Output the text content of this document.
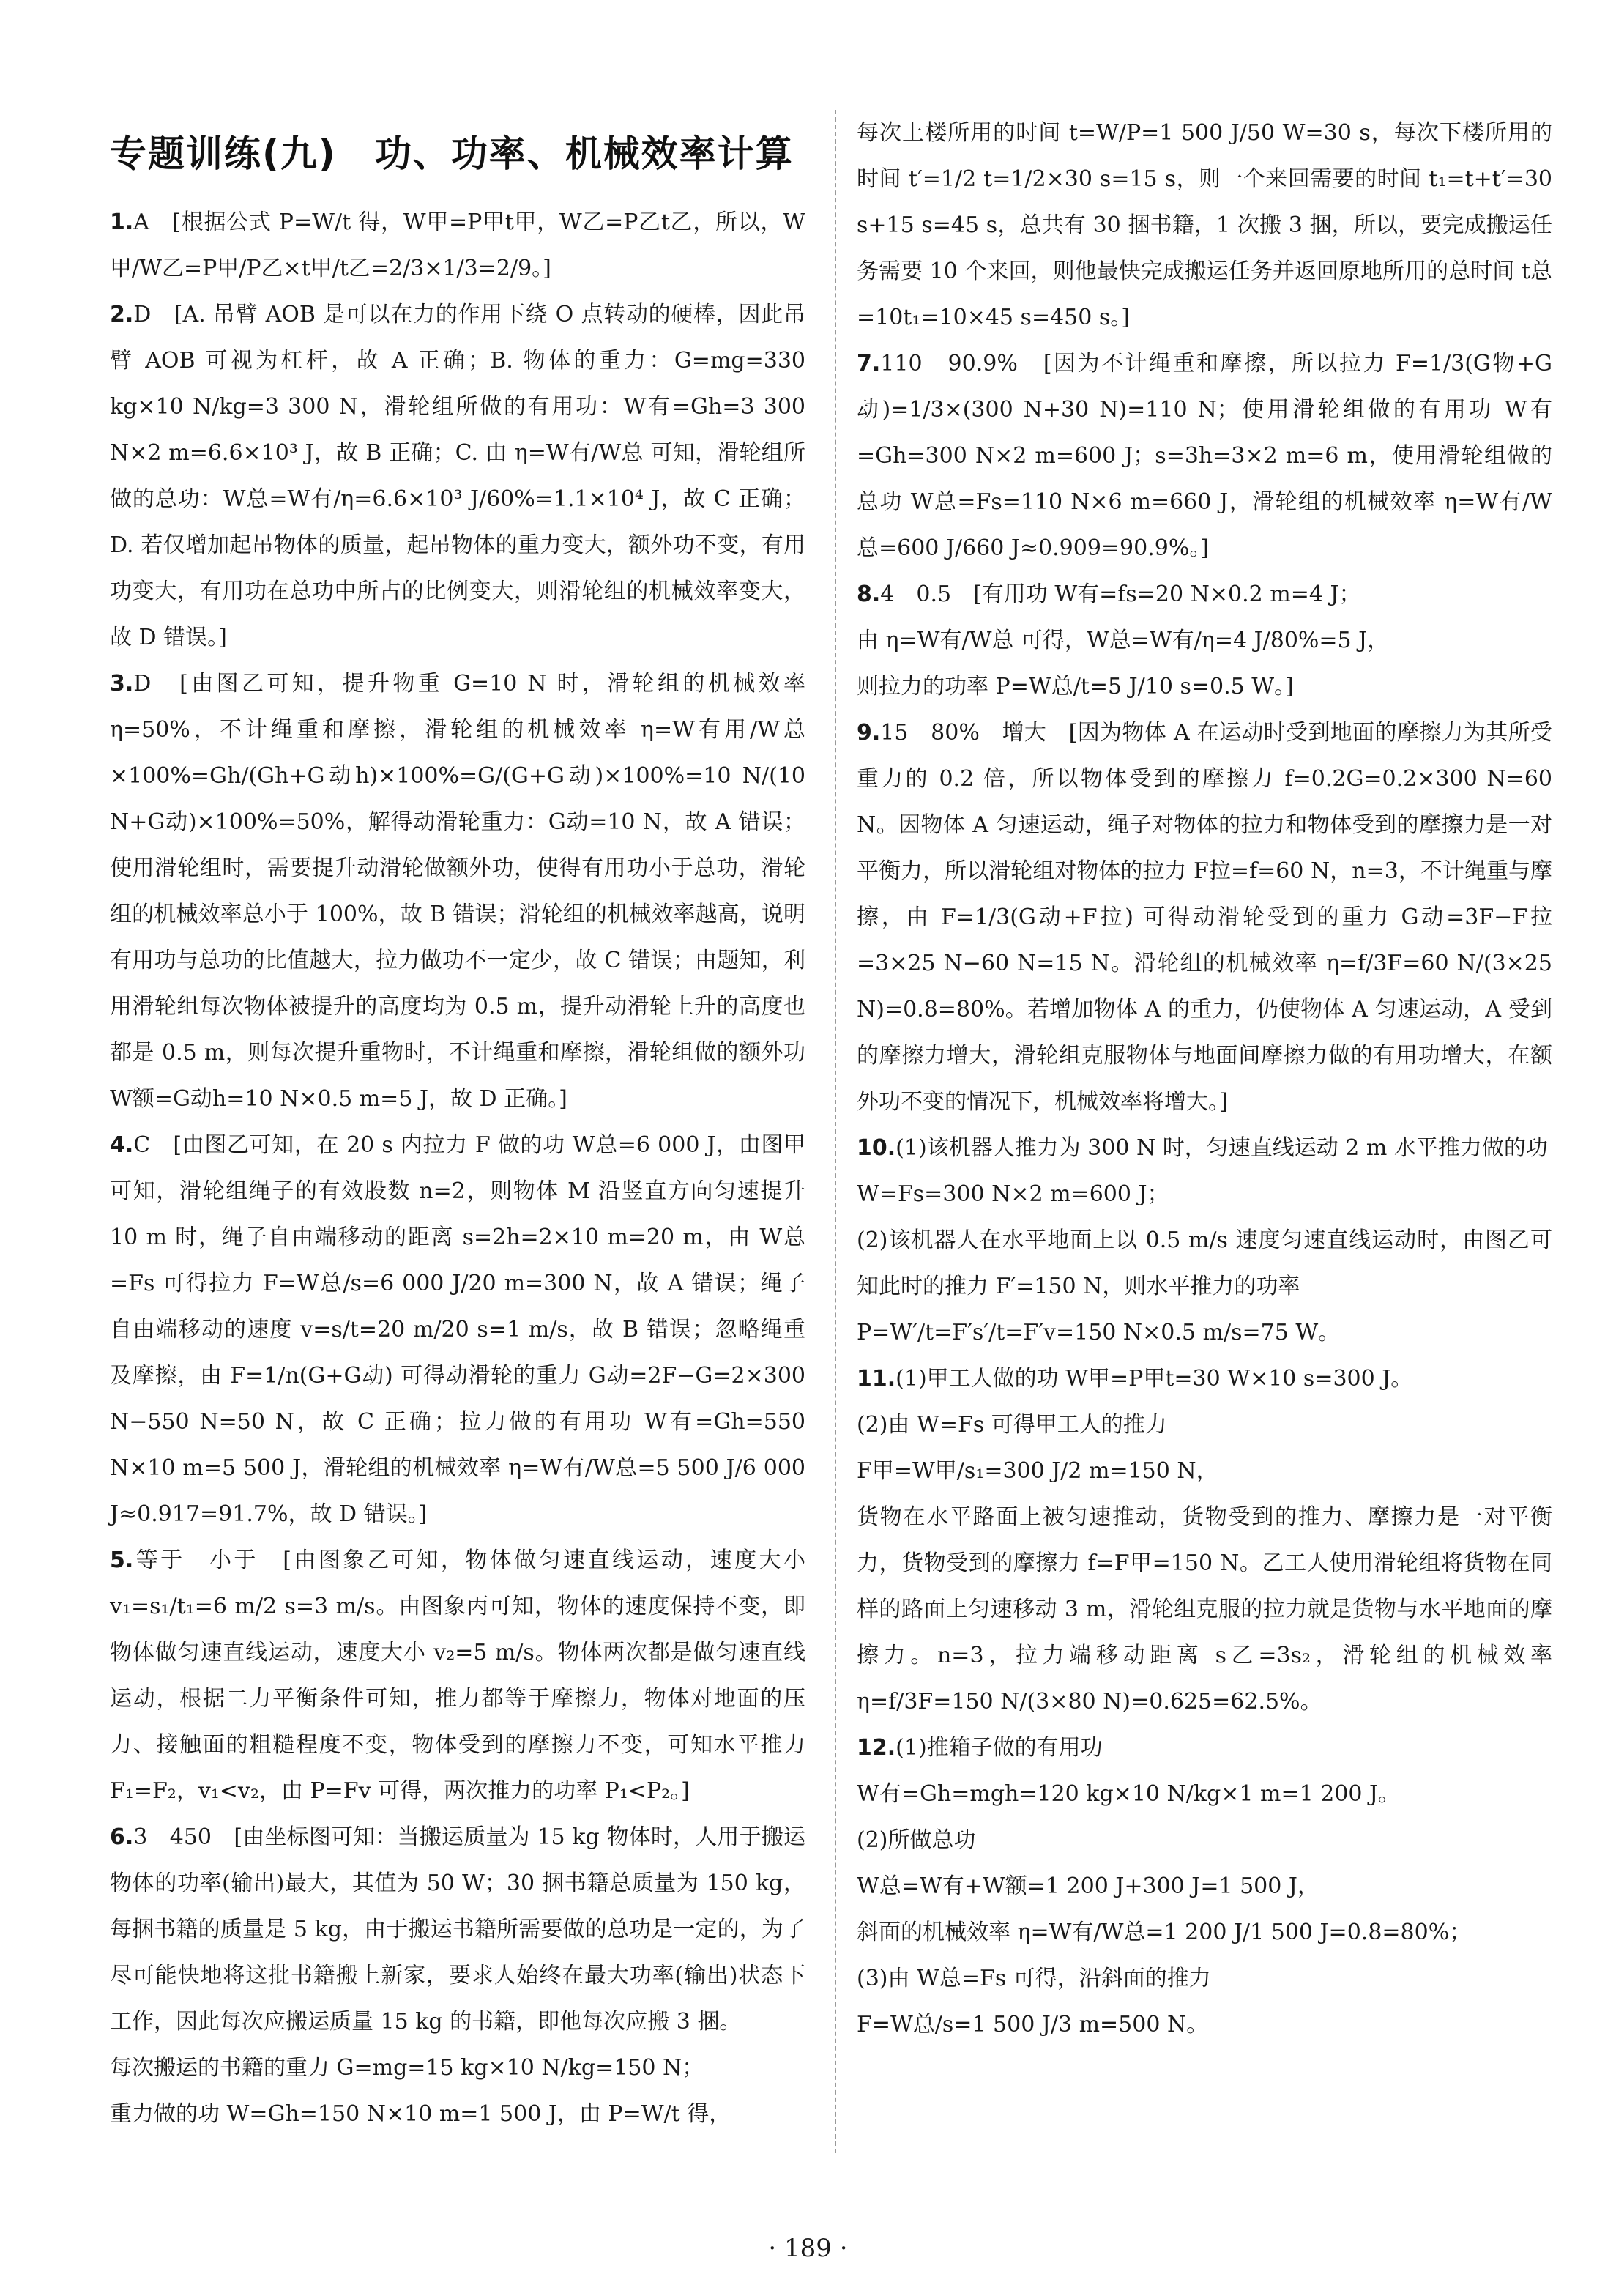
专题训练(九)　功、功率、机械效率计算

1.A　[根据公式 P=W/t 得，W甲=P甲t甲，W乙=P乙t乙，所以，W甲/W乙=P甲/P乙×t甲/t乙=2/3×1/3=2/9。]

2.D　[A. 吊臂 AOB 是可以在力的作用下绕 O 点转动的硬棒，因此吊臂 AOB 可视为杠杆，故 A 正确；B. 物体的重力：G=mg=330 kg×10 N/kg=3 300 N，滑轮组所做的有用功：W有=Gh=3 300 N×2 m=6.6×10³ J，故 B 正确；C. 由 η=W有/W总 可知，滑轮组所做的总功：W总=W有/η=6.6×10³ J/60%=1.1×10⁴ J，故 C 正确；D. 若仅增加起吊物体的质量，起吊物体的重力变大，额外功不变，有用功变大，有用功在总功中所占的比例变大，则滑轮组的机械效率变大，故 D 错误。]

3.D　[由图乙可知，提升物重 G=10 N 时，滑轮组的机械效率 η=50%，不计绳重和摩擦，滑轮组的机械效率 η=W有用/W总×100%=Gh/(Gh+G动h)×100%=G/(G+G动)×100%=10 N/(10 N+G动)×100%=50%，解得动滑轮重力：G动=10 N，故 A 错误；使用滑轮组时，需要提升动滑轮做额外功，使得有用功小于总功，滑轮组的机械效率总小于 100%，故 B 错误；滑轮组的机械效率越高，说明有用功与总功的比值越大，拉力做功不一定少，故 C 错误；由题知，利用滑轮组每次物体被提升的高度均为 0.5 m，提升动滑轮上升的高度也都是 0.5 m，则每次提升重物时，不计绳重和摩擦，滑轮组做的额外功 W额=G动h=10 N×0.5 m=5 J，故 D 正确。]

4.C　[由图乙可知，在 20 s 内拉力 F 做的功 W总=6 000 J，由图甲可知，滑轮组绳子的有效股数 n=2，则物体 M 沿竖直方向匀速提升 10 m 时，绳子自由端移动的距离 s=2h=2×10 m=20 m，由 W总=Fs 可得拉力 F=W总/s=6 000 J/20 m=300 N，故 A 错误；绳子自由端移动的速度 v=s/t=20 m/20 s=1 m/s，故 B 错误；忽略绳重及摩擦，由 F=1/n(G+G动) 可得动滑轮的重力 G动=2F−G=2×300 N−550 N=50 N，故 C 正确；拉力做的有用功 W有=Gh=550 N×10 m=5 500 J，滑轮组的机械效率 η=W有/W总=5 500 J/6 000 J≈0.917=91.7%，故 D 错误。]

5.等于　小于　[由图象乙可知，物体做匀速直线运动，速度大小 v₁=s₁/t₁=6 m/2 s=3 m/s。由图象丙可知，物体的速度保持不变，即物体做匀速直线运动，速度大小 v₂=5 m/s。物体两次都是做匀速直线运动，根据二力平衡条件可知，推力都等于摩擦力，物体对地面的压力、接触面的粗糙程度不变，物体受到的摩擦力不变，可知水平推力 F₁=F₂，v₁<v₂，由 P=Fv 可得，两次推力的功率 P₁<P₂。]

6.3　450　[由坐标图可知：当搬运质量为 15 kg 物体时，人用于搬运物体的功率(输出)最大，其值为 50 W；30 捆书籍总质量为 150 kg，每捆书籍的质量是 5 kg，由于搬运书籍所需要做的总功是一定的，为了尽可能快地将这批书籍搬上新家，要求人始终在最大功率(输出)状态下工作，因此每次应搬运质量 15 kg 的书籍，即他每次应搬 3 捆。
每次搬运的书籍的重力 G=mg=15 kg×10 N/kg=150 N；
重力做的功 W=Gh=150 N×10 m=1 500 J，由 P=W/t 得，

每次上楼所用的时间 t=W/P=1 500 J/50 W=30 s，每次下楼所用的时间 t′=1/2 t=1/2×30 s=15 s，则一个来回需要的时间 t₁=t+t′=30 s+15 s=45 s，总共有 30 捆书籍，1 次搬 3 捆，所以，要完成搬运任务需要 10 个来回，则他最快完成搬运任务并返回原地所用的总时间 t总=10t₁=10×45 s=450 s。]

7.110　90.9%　[因为不计绳重和摩擦，所以拉力 F=1/3(G物+G动)=1/3×(300 N+30 N)=110 N；使用滑轮组做的有用功 W有=Gh=300 N×2 m=600 J；s=3h=3×2 m=6 m，使用滑轮组做的总功 W总=Fs=110 N×6 m=660 J，滑轮组的机械效率 η=W有/W总=600 J/660 J≈0.909=90.9%。]

8.4　0.5　[有用功 W有=fs=20 N×0.2 m=4 J；
由 η=W有/W总 可得，W总=W有/η=4 J/80%=5 J，
则拉力的功率 P=W总/t=5 J/10 s=0.5 W。]

9.15　80%　增大　[因为物体 A 在运动时受到地面的摩擦力为其所受重力的 0.2 倍，所以物体受到的摩擦力 f=0.2G=0.2×300 N=60 N。因物体 A 匀速运动，绳子对物体的拉力和物体受到的摩擦力是一对平衡力，所以滑轮组对物体的拉力 F拉=f=60 N，n=3，不计绳重与摩擦，由 F=1/3(G动+F拉) 可得动滑轮受到的重力 G动=3F−F拉=3×25 N−60 N=15 N。滑轮组的机械效率 η=f/3F=60 N/(3×25 N)=0.8=80%。若增加物体 A 的重力，仍使物体 A 匀速运动，A 受到的摩擦力增大，滑轮组克服物体与地面间摩擦力做的有用功增大，在额外功不变的情况下，机械效率将增大。]

10.(1)该机器人推力为 300 N 时，匀速直线运动 2 m 水平推力做的功
W=Fs=300 N×2 m=600 J；
(2)该机器人在水平地面上以 0.5 m/s 速度匀速直线运动时，由图乙可知此时的推力 F′=150 N，则水平推力的功率
P=W′/t=F′s′/t=F′v=150 N×0.5 m/s=75 W。

11.(1)甲工人做的功 W甲=P甲t=30 W×10 s=300 J。
(2)由 W=Fs 可得甲工人的推力
F甲=W甲/s₁=300 J/2 m=150 N，
货物在水平路面上被匀速推动，货物受到的推力、摩擦力是一对平衡力，货物受到的摩擦力 f=F甲=150 N。乙工人使用滑轮组将货物在同样的路面上匀速移动 3 m，滑轮组克服的拉力就是货物与水平地面的摩擦力。n=3，拉力端移动距离 s乙=3s₂，滑轮组的机械效率 η=f/3F=150 N/(3×80 N)=0.625=62.5%。

12.(1)推箱子做的有用功
W有=Gh=mgh=120 kg×10 N/kg×1 m=1 200 J。
(2)所做总功
W总=W有+W额=1 200 J+300 J=1 500 J，
斜面的机械效率 η=W有/W总=1 200 J/1 500 J=0.8=80%；
(3)由 W总=Fs 可得，沿斜面的推力
F=W总/s=1 500 J/3 m=500 N。

· 189 ·
